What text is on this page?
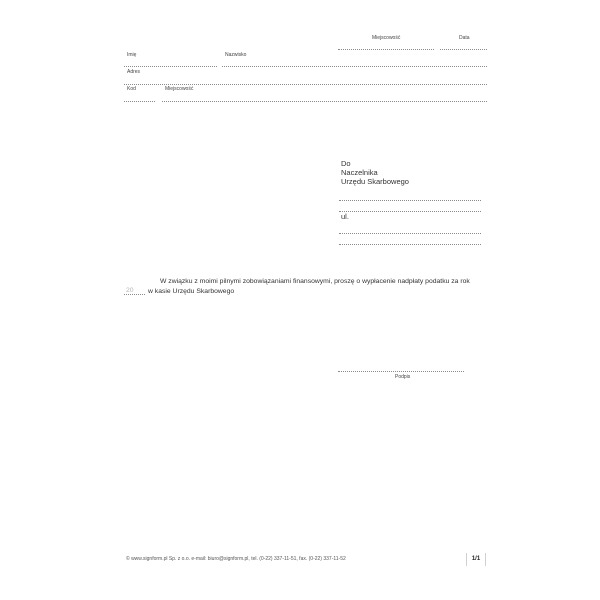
Miejscowość	Data
Imię	Nazwisko
Adres
Kod	Miejscowość
Do
Naczelnika
Urzędu Skarbowego
ul.
W związku z moimi pilnymi zobowiązaniami finansowymi, proszę o wypłacenie nadpłaty podatku za rok
20 w kasie Urzędu Skarbowego
Podpis
© www.signform.pl Sp. z o.o. e-mail: biuro@signform.pl, tel. (0-22) 337-11-51, fax. (0-22) 337-11-52	1/1
